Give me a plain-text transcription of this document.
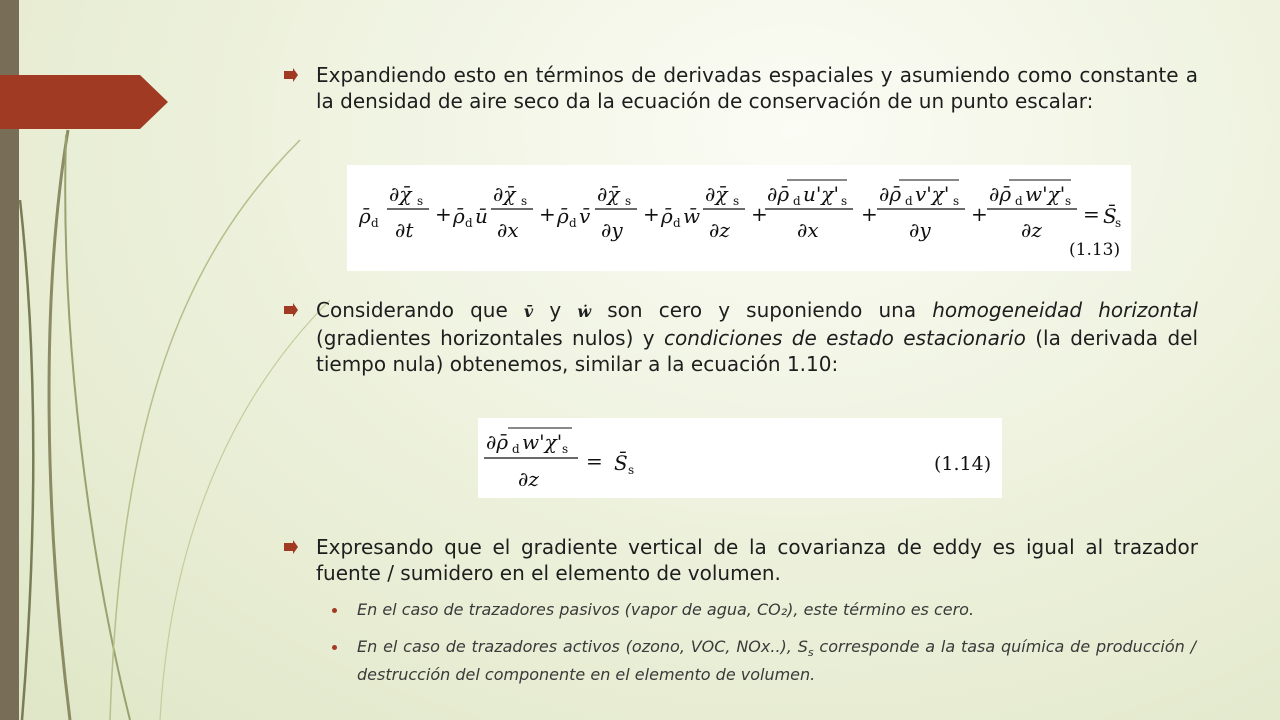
Expandiendo esto en términos de derivadas espaciales y asumiendo como constante a la densidad de aire seco da la ecuación de conservación de un punto escalar:
ρ̄ d
∂χ̄ s
∂t
+ ρ̄ d ū
∂χ̄ s
∂x
+ ρ̄ d v̄
∂χ̄ s
∂y
+ ρ̄ d w̄
∂χ̄ s
∂z
+
∂ρ̄ d u'χ' s
∂x
+
∂ρ̄ d v'χ' s
∂y
+
∂ρ̄ d w'χ' s
∂z
= S̄
s
(1.13)
Considerando que v̄ y ẇ son cero y suponiendo una homogeneidad horizontal (gradientes horizontales nulos) y condiciones de estado estacionario (la derivada del tiempo nula) obtenemos, similar a la ecuación 1.10:
∂ρ̄ d w'χ' s
∂z
= S̄ s	(1.14)
Expresando que el gradiente vertical de la covarianza de eddy es igual al trazador fuente / sumidero en el elemento de volumen.
En el caso de trazadores pasivos (vapor de agua, CO₂), este término es cero.
En el caso de trazadores activos (ozono, VOC, NOx..), $S_s$ corresponde a la tasa química de producción / destrucción del componente en el elemento de volumen.
